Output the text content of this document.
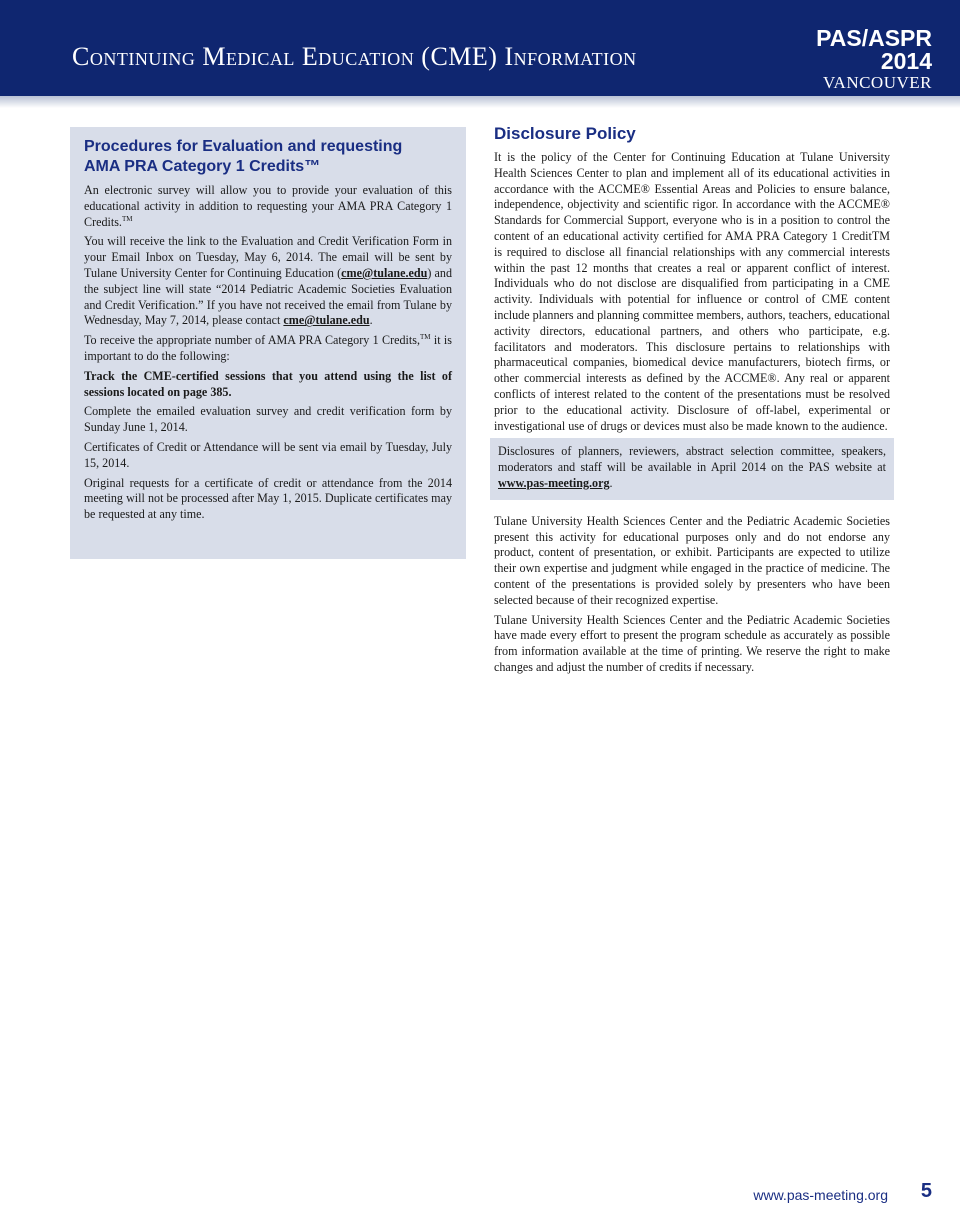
Continuing Medical Education (CME) Information
PAS/ASPR
2014
VANCOUVER
Procedures for Evaluation and requesting
AMA PRA Category 1 Credits™

An electronic survey will allow you to provide your evaluation of this educational activity in addition to requesting your AMA PRA Category 1 Credits.™

You will receive the link to the Evaluation and Credit Verification Form in your Email Inbox on Tuesday, May 6, 2014. The email will be sent by Tulane University Center for Continuing Education (cme@tulane.edu) and the subject line will state “2014 Pediatric Academic Societies Evaluation and Credit Verification.” If you have not received the email from Tulane by Wednesday, May 7, 2014, please contact cme@tulane.edu.

To receive the appropriate number of AMA PRA Category 1 Credits,™ it is important to do the following:

Track the CME-certified sessions that you attend using the list of sessions located on page 385.

Complete the emailed evaluation survey and credit verification form by Sunday June 1, 2014.

Certificates of Credit or Attendance will be sent via email by Tuesday, July 15, 2014.

Original requests for a certificate of credit or attendance from the 2014 meeting will not be processed after May 1, 2015. Duplicate certificates may be requested at any time.

Disclosure Policy

It is the policy of the Center for Continuing Education at Tulane University Health Sciences Center to plan and implement all of its educational activities in accordance with the ACCME® Essential Areas and Policies to ensure balance, independence, objectivity and scientific rigor. In accordance with the ACCME® Standards for Commercial Support, everyone who is in a position to control the content of an educational activity certified for AMA PRA Category 1 CreditTM is required to disclose all financial relationships with any commercial interests within the past 12 months that creates a real or apparent conflict of interest. Individuals who do not disclose are disqualified from participating in a CME activity. Individuals with potential for influence or control of CME content include planners and planning committee members, authors, teachers, educational activity directors, educational partners, and others who participate, e.g. facilitators and moderators. This disclosure pertains to relationships with pharmaceutical companies, biomedical device manufacturers, biotech firms, or other commercial interests as defined by the ACCME®. Any real or apparent conflicts of interest related to the content of the presentations must be resolved prior to the educational activity. Disclosure of off-label, experimental or investigational use of drugs or devices must also be made known to the audience.

Disclosures of planners, reviewers, abstract selection committee, speakers, moderators and staff will be available in April 2014 on the PAS website at www.pas-meeting.org.

Tulane University Health Sciences Center and the Pediatric Academic Societies present this activity for educational purposes only and do not endorse any product, content of presentation, or exhibit. Participants are expected to utilize their own expertise and judgment while engaged in the practice of medicine. The content of the presentations is provided solely by presenters who have been selected because of their recognized expertise.

Tulane University Health Sciences Center and the Pediatric Academic Societies have made every effort to present the program schedule as accurately as possible from information available at the time of printing. We reserve the right to make changes and adjust the number of credits if necessary.

www.pas-meeting.org 5
